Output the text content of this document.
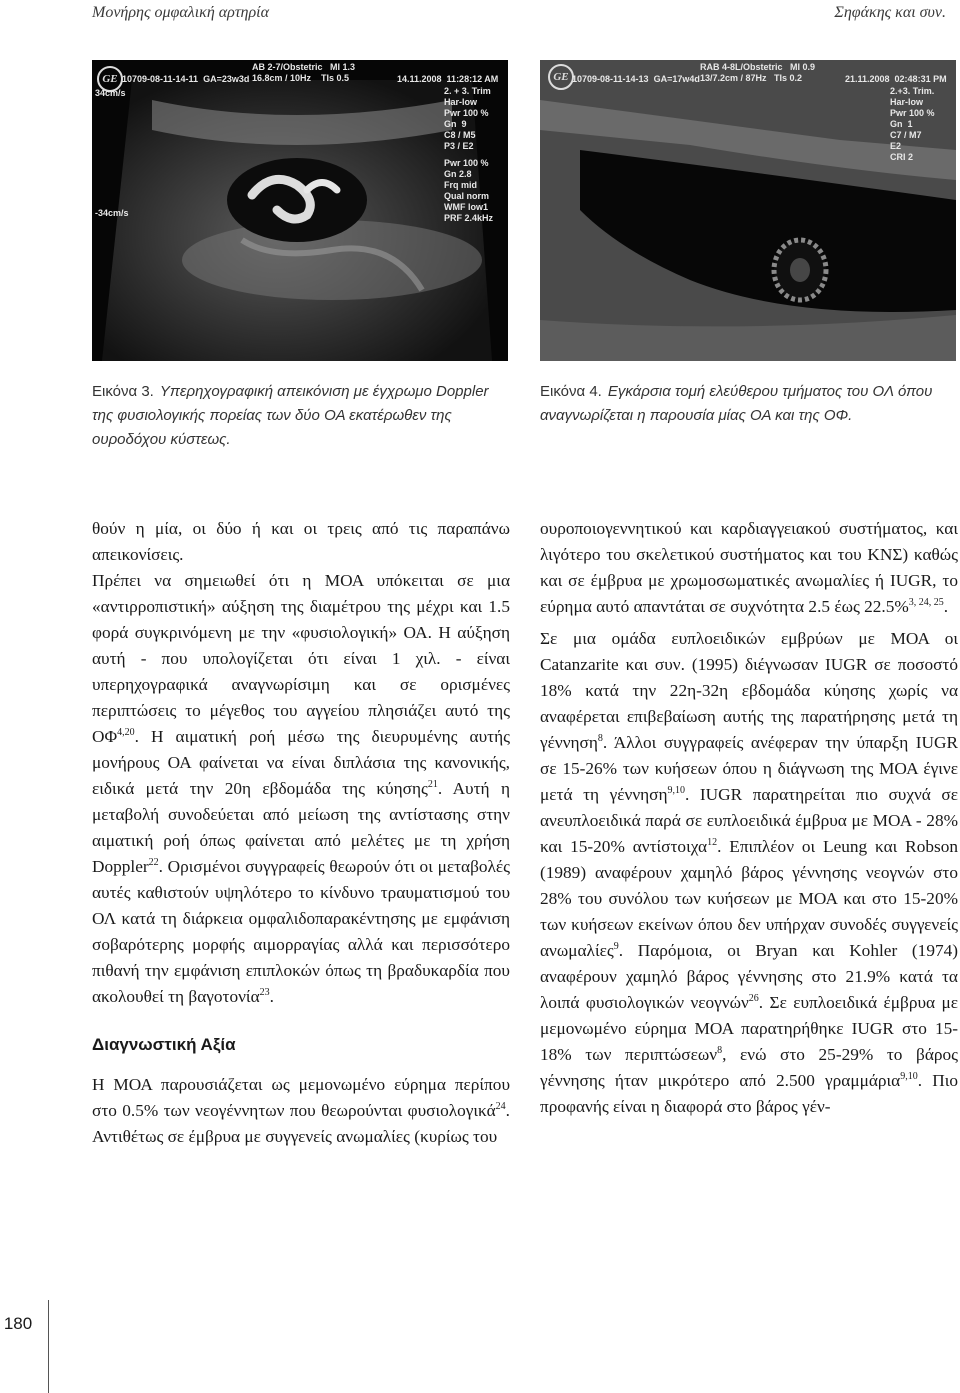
Μονήρης ομφαλική αρτηρία	Σηφάκης και συν.
GE
AB 2-7/Obstetric   MI 1.3
16.8cm / 10Hz    TIs 0.5
10709-08-11-14-11  GA=23w3d	14.11.2008  11:28:12 AM
2. + 3. Trim
Har-low
Pwr 100 %
Gn  9
C8 / M5
P3 / E2
Pwr 100 %
Gn 2.8
Frq mid
Qual norm
WMF low1
PRF 2.4kHz
34cm/s
-34cm/s
GE
RAB 4-8L/Obstetric   MI 0.9
13/7.2cm / 87Hz   TIs 0.2
10709-08-11-14-13  GA=17w4d	21.11.2008  02:48:31 PM
2.+3. Trim.
Har-low
Pwr 100 %
Gn  1
C7 / M7
E2
CRI 2
Εικόνα 3. Υπερηχογραφική απεικόνιση με έγχρωμο Doppler της φυσιολογικής πορείας των δύο ΟΑ εκατέρωθεν της ουροδόχου κύστεως.
Εικόνα 4. Εγκάρσια τομή ελεύθερου τμήματος του ΟΛ όπου αναγνωρίζεται η παρουσία μίας ΟΑ και της ΟΦ.

θούν η μία, οι δύο ή και οι τρεις από τις παραπάνω απεικονίσεις.

Πρέπει να σημειωθεί ότι η ΜΟΑ υπόκειται σε μια «αντιρροπιστική» αύξηση της διαμέτρου της μέχρι και 1.5 φορά συγκρινόμενη με την «φυσιολογική» ΟΑ. Η αύξηση αυτή - που υπολογίζεται ότι είναι 1 χιλ. - είναι υπερηχογραφικά αναγνωρίσιμη και σε ορισμένες περιπτώσεις το μέγεθος του αγγείου πλησιάζει αυτό της ΟΦ$^{4,20}$. Η αιματική ροή μέσω της διευρυμένης αυτής μονήρους ΟΑ φαίνεται να είναι διπλάσια της κανονικής, ειδικά μετά την 20η εβδομάδα της κύησης$^{21}$. Αυτή η μεταβολή συνοδεύεται από μείωση της αντίστασης στην αιματική ροή όπως φαίνεται από μελέτες με τη χρήση Doppler$^{22}$. Ορισμένοι συγγραφείς θεωρούν ότι οι μεταβολές αυτές καθιστούν υψηλότερο το κίνδυνο τραυματισμού του ΟΛ κατά τη διάρκεια ομφαλιδοπαρακέντησης με εμφάνιση σοβαρότερης μορφής αιμορραγίας αλλά και περισσότερο πιθανή την εμφάνιση επιπλοκών όπως τη βραδυκαρδία που ακολουθεί τη βαγοτονία$^{23}$.

Διαγνωστική Αξία

Η ΜΟΑ παρουσιάζεται ως μεμονωμένο εύρημα περίπου στο 0.5% των νεογέννητων που θεωρούνται φυσιολογικά$^{24}$. Αντιθέτως σε έμβρυα με συγγενείς ανωμαλίες (κυρίως του

ουροποιογεννητικού και καρδιαγγειακού συστήματος, και λιγότερο του σκελετικού συστήματος και του ΚΝΣ) καθώς και σε έμβρυα με χρωμοσωματικές ανωμαλίες ή IUGR, το εύρημα αυτό απαντάται σε συχνότητα 2.5 έως 22.5%$^{3, 24, 25}$.

Σε μια ομάδα ευπλοειδικών εμβρύων με ΜΟΑ οι Catanzarite και συν. (1995) διέγνωσαν IUGR σε ποσοστό 18% κατά την 22η-32η εβδομάδα κύησης χωρίς να αναφέρεται επιβεβαίωση αυτής της παρατήρησης μετά τη γέννηση$^8$. Άλλοι συγγραφείς ανέφεραν την ύπαρξη IUGR σε 15-26% των κυήσεων όπου η διάγνωση της ΜΟΑ έγινε μετά τη γέννηση$^{9,10}$. IUGR παρατηρείται πιο συχνά σε ανευπλοειδικά παρά σε ευπλοειδικά έμβρυα με ΜΟΑ - 28% και 15-20% αντίστοιχα$^{12}$. Επιπλέον οι Leung και Robson (1989) αναφέρουν χαμηλό βάρος γέννησης νεογνών στο 28% του συνόλου των κυήσεων με ΜΟΑ και στο 15-20% των κυήσεων εκείνων όπου δεν υπήρχαν συνοδές συγγενείς ανωμαλίες$^9$. Παρόμοια, οι Bryan και Kohler (1974) αναφέρουν χαμηλό βάρος γέννησης στο 21.9% κατά τα λοιπά φυσιολογικών νεογνών$^{26}$. Σε ευπλοειδικά έμβρυα με μεμονωμένο εύρημα ΜΟΑ παρατηρήθηκε IUGR στο 15-18% των περιπτώσεων$^8$, ενώ στο 25-29% το βάρος γέννησης ήταν μικρότερο από 2.500 γραμμάρια$^{9,10}$. Πιο προφανής είναι η διαφορά στο βάρος γέν-

180
